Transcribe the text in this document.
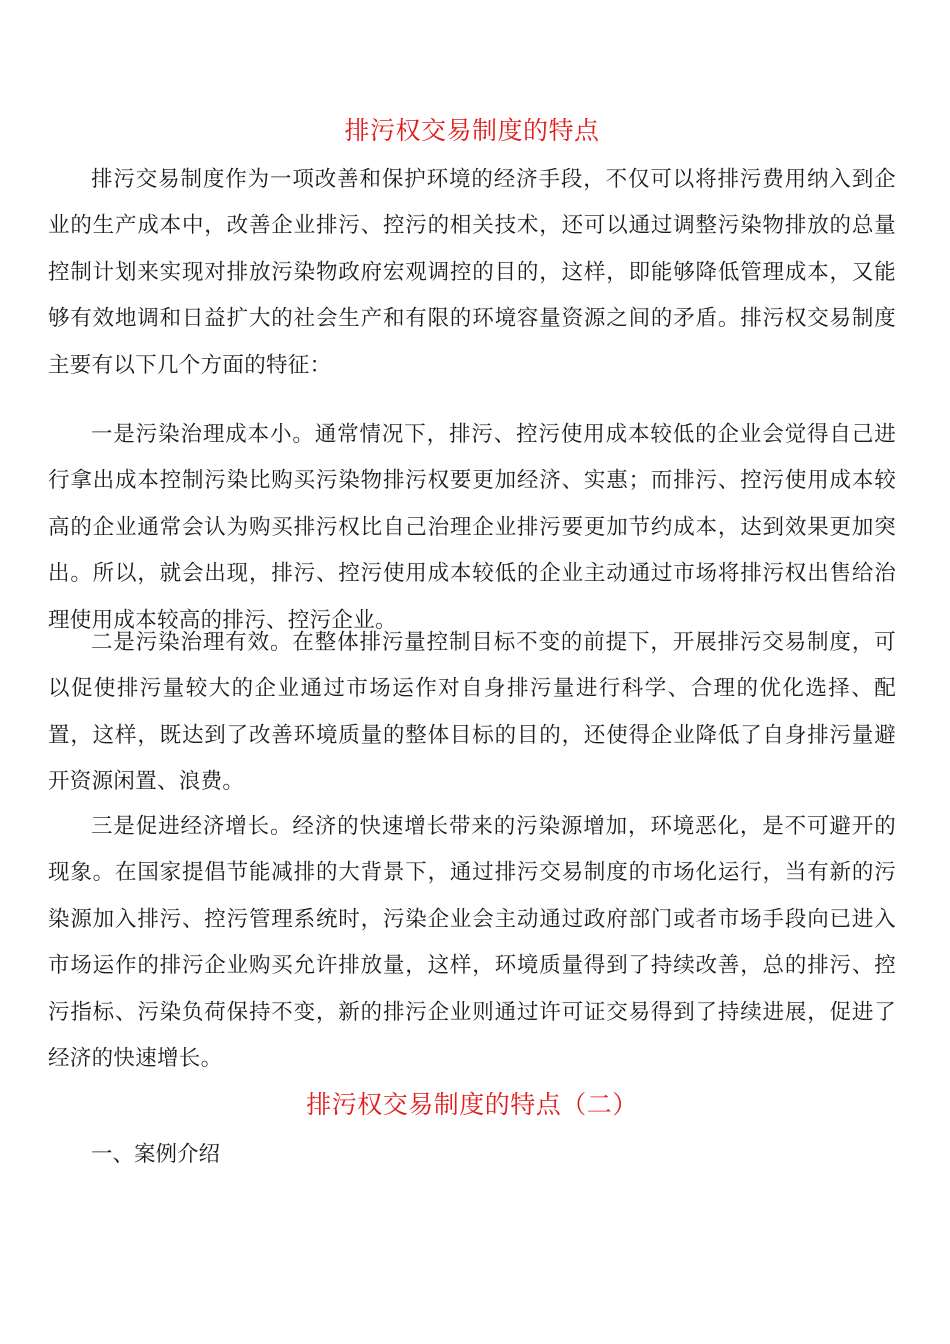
排污权交易制度的特点

排污交易制度作为一项改善和保护环境的经济手段，不仅可以将排污费用纳入到企业的生产成本中，改善企业排污、控污的相关技术，还可以通过调整污染物排放的总量控制计划来实现对排放污染物政府宏观调控的目的，这样，即能够降低管理成本，又能够有效地调和日益扩大的社会生产和有限的环境容量资源之间的矛盾。排污权交易制度主要有以下几个方面的特征：

一是污染治理成本小。通常情况下，排污、控污使用成本较低的企业会觉得自己进行拿出成本控制污染比购买污染物排污权要更加经济、实惠；而排污、控污使用成本较高的企业通常会认为购买排污权比自己治理企业排污要更加节约成本，达到效果更加突出。所以，就会出现，排污、控污使用成本较低的企业主动通过市场将排污权出售给治理使用成本较高的排污、控污企业。

二是污染治理有效。在整体排污量控制目标不变的前提下，开展排污交易制度，可以促使排污量较大的企业通过市场运作对自身排污量进行科学、合理的优化选择、配置，这样，既达到了改善环境质量的整体目标的目的，还使得企业降低了自身排污量避开资源闲置、浪费。

三是促进经济增长。经济的快速增长带来的污染源增加，环境恶化，是不可避开的现象。在国家提倡节能减排的大背景下，通过排污交易制度的市场化运行，当有新的污染源加入排污、控污管理系统时，污染企业会主动通过政府部门或者市场手段向已进入市场运作的排污企业购买允许排放量，这样，环境质量得到了持续改善，总的排污、控污指标、污染负荷保持不变，新的排污企业则通过许可证交易得到了持续进展，促进了经济的快速增长。

排污权交易制度的特点（二）

一、案例介绍
